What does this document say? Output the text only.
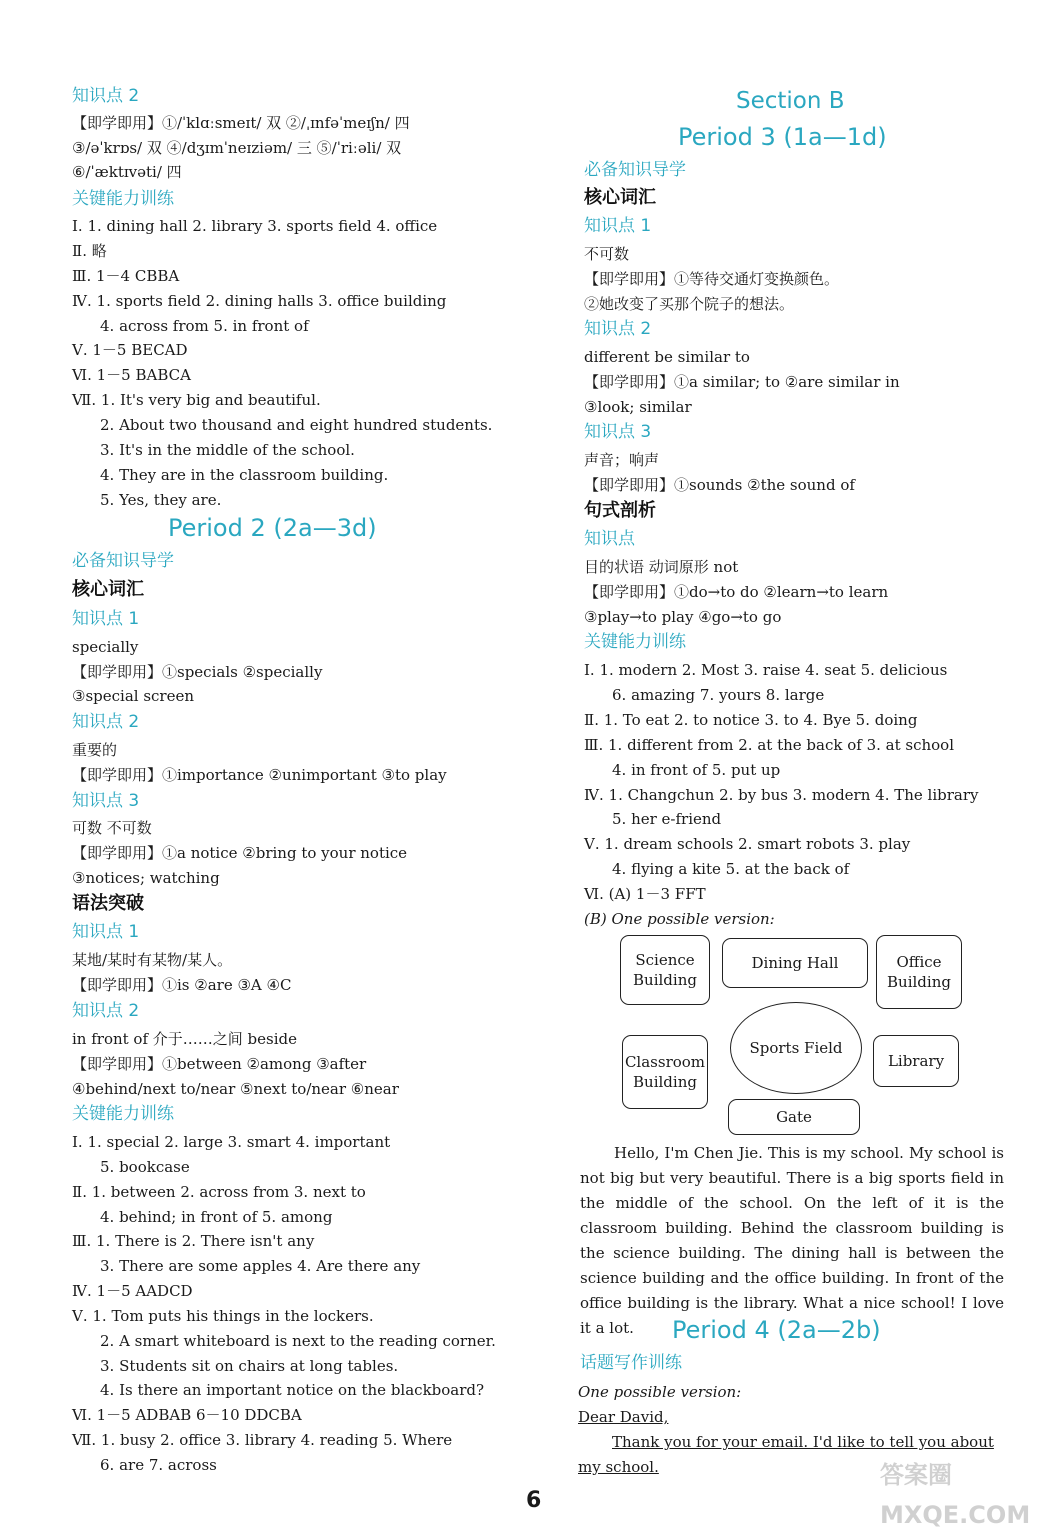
知识点 2
【即学即用】①/ˈklɑːsmeɪt/ 双 ②/ˌɪnfəˈmeɪʃn/ 四
③/əˈkrɒs/ 双 ④/dʒɪmˈneɪziəm/ 三 ⑤/ˈriːəli/ 双
⑥/ˈæktɪvəti/ 四
关键能力训练
Ⅰ. 1. dining hall 2. library 3. sports field 4. office
Ⅱ. 略
Ⅲ. 1－4 CBBA
Ⅳ. 1. sports field 2. dining halls 3. office building
4. across from 5. in front of
Ⅴ. 1－5 BECAD
Ⅵ. 1－5 BABCA
Ⅶ. 1. It's very big and beautiful.
2. About two thousand and eight hundred students.
3. It's in the middle of the school.
4. They are in the classroom building.
5. Yes, they are.
Period 2 (2a—3d)
必备知识导学
核心词汇
知识点 1
specially
【即学即用】①specials ②specially
③special screen
知识点 2
重要的
【即学即用】①importance ②unimportant ③to play
知识点 3
可数 不可数
【即学即用】①a notice ②bring to your notice
③notices; watching
语法突破
知识点 1
某地/某时有某物/某人。
【即学即用】①is ②are ③A ④C
知识点 2
in front of 介于……之间 beside
【即学即用】①between ②among ③after
④behind/next to/near ⑤next to/near ⑥near
关键能力训练
Ⅰ. 1. special 2. large 3. smart 4. important
5. bookcase
Ⅱ. 1. between 2. across from 3. next to
4. behind; in front of 5. among
Ⅲ. 1. There is 2. There isn't any
3. There are some apples 4. Are there any
Ⅳ. 1－5 AADCD
Ⅴ. 1. Tom puts his things in the lockers.
2. A smart whiteboard is next to the reading corner.
3. Students sit on chairs at long tables.
4. Is there an important notice on the blackboard?
Ⅵ. 1－5 ADBAB 6－10 DDCBA
Ⅶ. 1. busy 2. office 3. library 4. reading 5. Where
6. are 7. across
Section B
Period 3 (1a—1d)
必备知识导学
核心词汇
知识点 1
不可数
【即学即用】①等待交通灯变换颜色。
②她改变了买那个院子的想法。
知识点 2
different be similar to
【即学即用】①a similar; to ②are similar in
③look; similar
知识点 3
声音；响声
【即学即用】①sounds ②the sound of
句式剖析
知识点
目的状语 动词原形 not
【即学即用】①do→to do ②learn→to learn
③play→to play ④go→to go
关键能力训练
Ⅰ. 1. modern 2. Most 3. raise 4. seat 5. delicious
6. amazing 7. yours 8. large
Ⅱ. 1. To eat 2. to notice 3. to 4. Bye 5. doing
Ⅲ. 1. different from 2. at the back of 3. at school
4. in front of 5. put up
Ⅳ. 1. Changchun 2. by bus 3. modern 4. The library
5. her e-friend
Ⅴ. 1. dream schools 2. smart robots 3. play
4. flying a kite 5. at the back of
Ⅵ. (A) 1－3 FFT
(B) One possible version:
Science Building
Dining Hall	Office Building
Sports Field
Classroom Building
Library
Gate
Hello, I'm Chen Jie. This is my school. My school is not big but very beautiful. There is a big sports field in the middle of the school. On the left of it is the classroom building. Behind the classroom building is the science building. The dining hall is between the science building and the office building. In front of the office building is the library. What a nice school! I love it a lot.	Period 4 (2a—2b)
话题写作训练
One possible version:
Dear David,
Thank you for your email. I'd like to tell you about
my school.
6
答案圈 MXQE.COM
